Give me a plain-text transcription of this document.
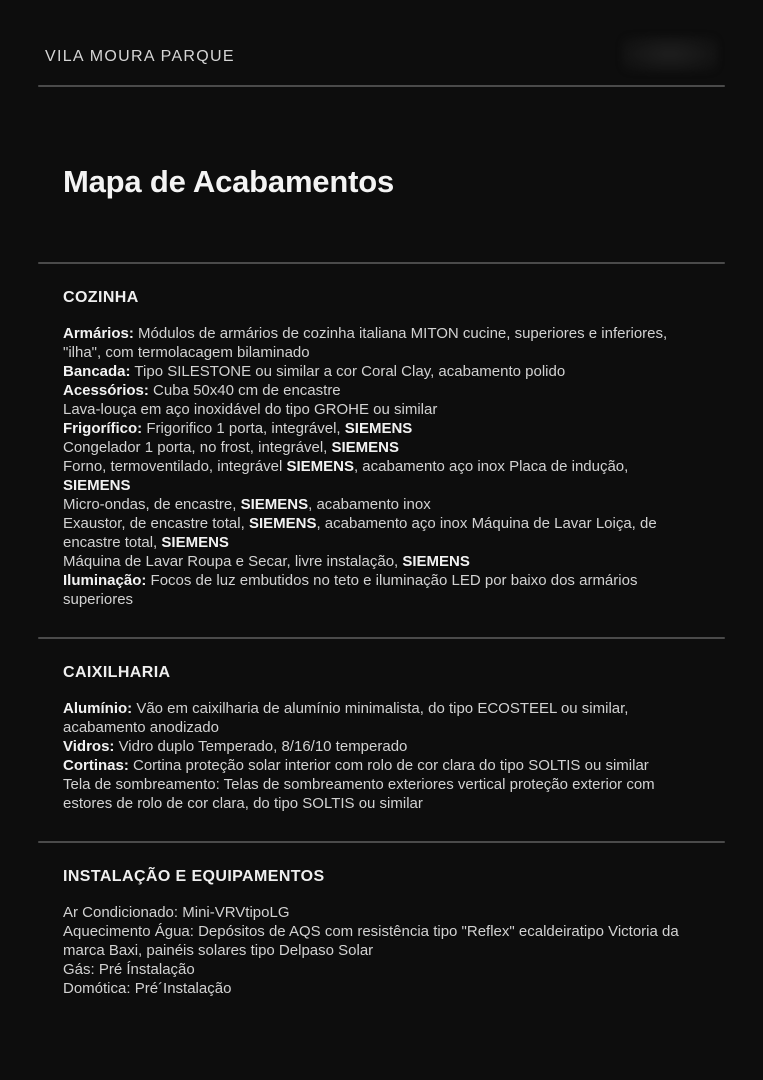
VILA MOURA PARQUE
Mapa de Acabamentos
COZINHA
Armários: Módulos de armários de cozinha italiana MITON cucine, superiores e inferiores,
"ilha", com termolacagem bilaminado
Bancada: Tipo SILESTONE ou similar a cor Coral Clay, acabamento polido
Acessórios: Cuba 50x40 cm de encastre
Lava-louça em aço inoxidável do tipo GROHE ou similar
Frigorífico: Frigorifico 1 porta, integrável, SIEMENS
Congelador 1 porta, no frost, integrável, SIEMENS
Forno, termoventilado, integrável SIEMENS, acabamento aço inox Placa de indução,
SIEMENS
Micro-ondas, de encastre, SIEMENS, acabamento inox
Exaustor, de encastre total, SIEMENS, acabamento aço inox Máquina de Lavar Loiça, de
encastre total, SIEMENS
Máquina de Lavar Roupa e Secar, livre instalação, SIEMENS
Iluminação: Focos de luz embutidos no teto e iluminação LED por baixo dos armários
superiores
CAIXILHARIA
Alumínio: Vão em caixilharia de alumínio minimalista, do tipo ECOSTEEL ou similar,
acabamento anodizado
Vidros: Vidro duplo Temperado, 8/16/10 temperado
Cortinas: Cortina proteção solar interior com rolo de cor clara do tipo SOLTIS ou similar
Tela de sombreamento: Telas de sombreamento exteriores vertical proteção exterior com
estores de rolo de cor clara, do tipo SOLTIS ou similar
INSTALAÇÃO E EQUIPAMENTOS
Ar Condicionado: Mini-VRVtipoLG
Aquecimento Água: Depósitos de AQS com resistência tipo "Reflex" ecaldeiratipo Victoria da
marca Baxi, painéis solares tipo Delpaso Solar
Gás: Pré Ínstalação
Domótica: Pré´Instalação
